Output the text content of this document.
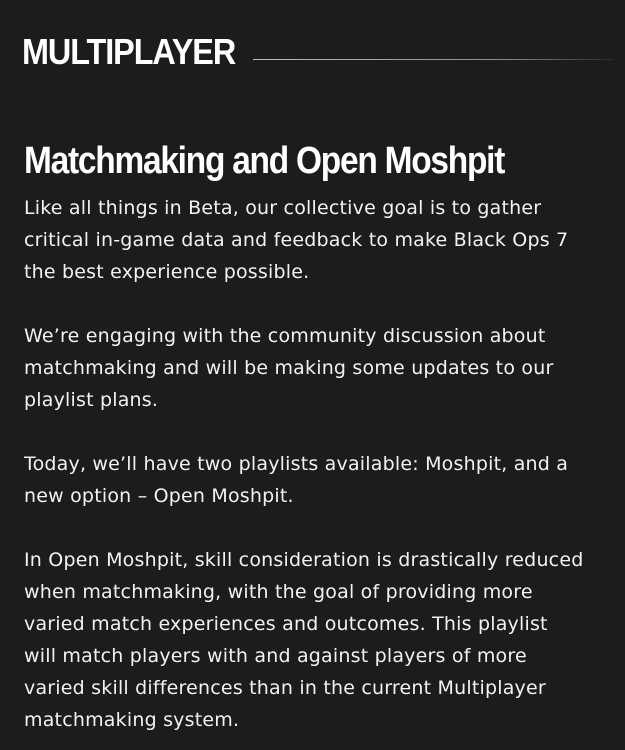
MULTIPLAYER
Matchmaking and Open Moshpit

Like all things in Beta, our collective goal is to gather critical in-game data and feedback to make Black Ops 7 the best experience possible.

We’re engaging with the community discussion about matchmaking and will be making some updates to our playlist plans.

Today, we’ll have two playlists available: Moshpit, and a new option – Open Moshpit.

In Open Moshpit, skill consideration is drastically reduced when matchmaking, with the goal of providing more varied match experiences and outcomes. This playlist will match players with and against players of more varied skill differences than in the current Multiplayer matchmaking system.
